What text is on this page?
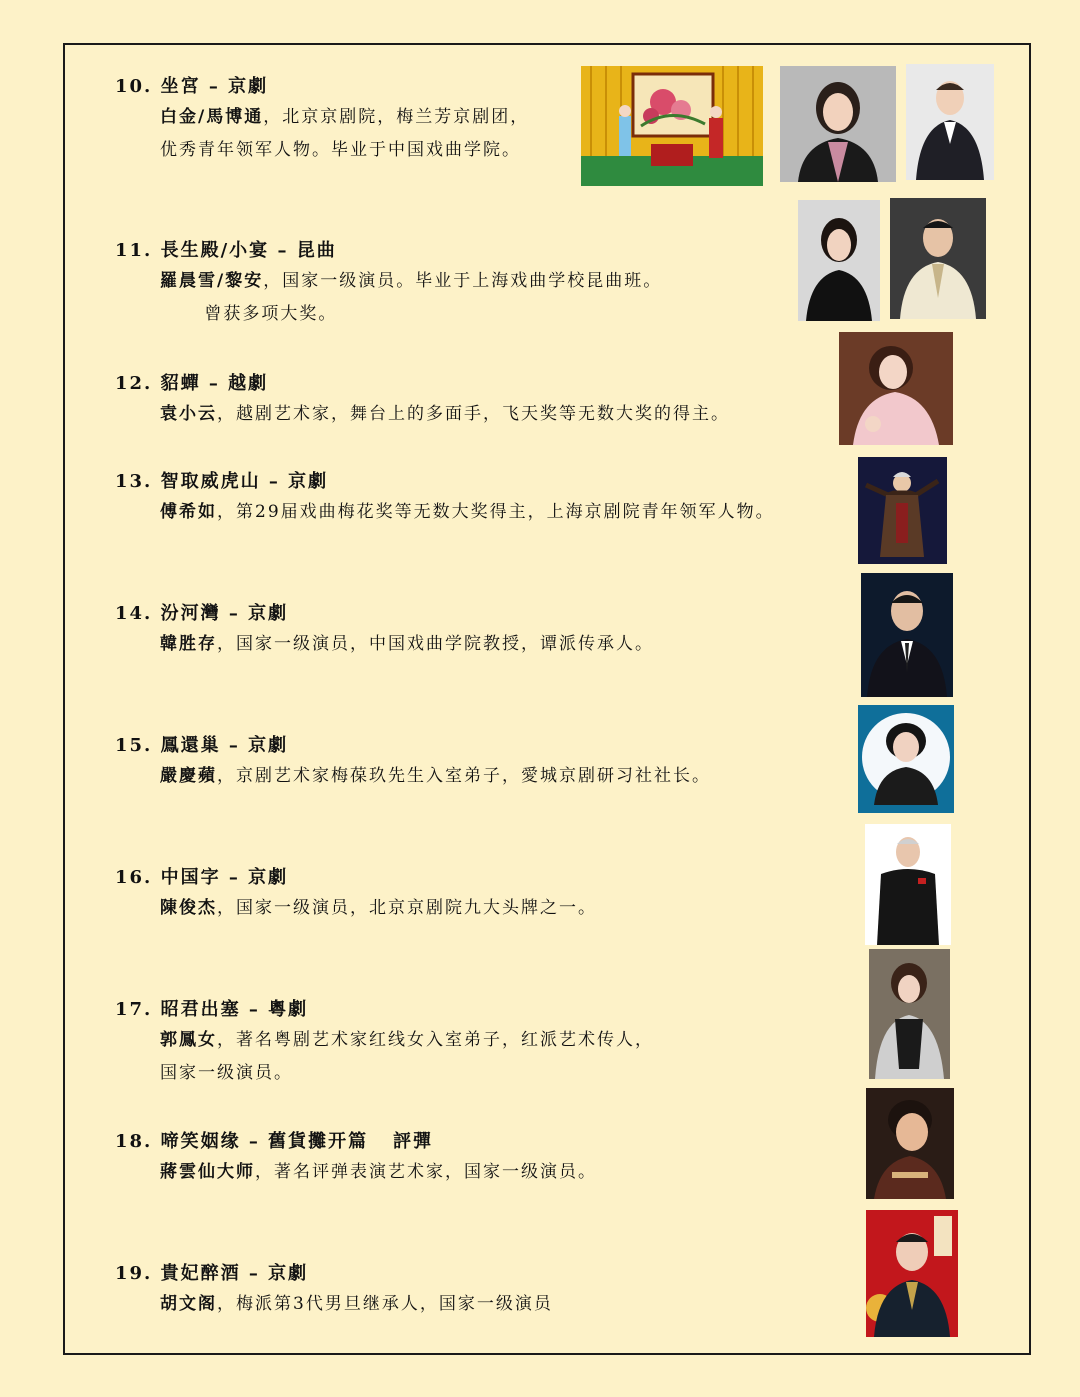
10. 坐宮 – 京劇
白金/馬博通，北京京剧院，梅兰芳京剧团，
优秀青年领军人物。毕业于中国戏曲学院。
11. 長生殿/小宴 – 昆曲
羅晨雪/黎安，国家一级演员。毕业于上海戏曲学校昆曲班。
曾获多项大奖。
12. 貂蟬 – 越劇
袁小云，越剧艺术家，舞台上的多面手，飞天奖等无数大奖的得主。
13. 智取威虎山 – 京劇
傅希如，第29届戏曲梅花奖等无数大奖得主，上海京剧院青年领军人物。
14. 汾河灣 – 京劇
韓胜存，国家一级演员，中国戏曲学院教授，谭派传承人。
15. 鳳還巢 – 京劇
嚴慶蘋，京剧艺术家梅葆玖先生入室弟子，愛城京剧研习社社长。
16. 中国字 – 京劇
陳俊杰，国家一级演员，北京京剧院九大头牌之一。
17. 昭君出塞 – 粵劇
郭鳳女，著名粤剧艺术家红线女入室弟子，红派艺术传人，
国家一级演员。
18. 啼笑姻缘 – 舊貨攤开篇   評彈
蔣雲仙大师，著名评弹表演艺术家，国家一级演员。
19. 貴妃醉酒 – 京劇
胡文阁，梅派第3代男旦继承人，国家一级演员
